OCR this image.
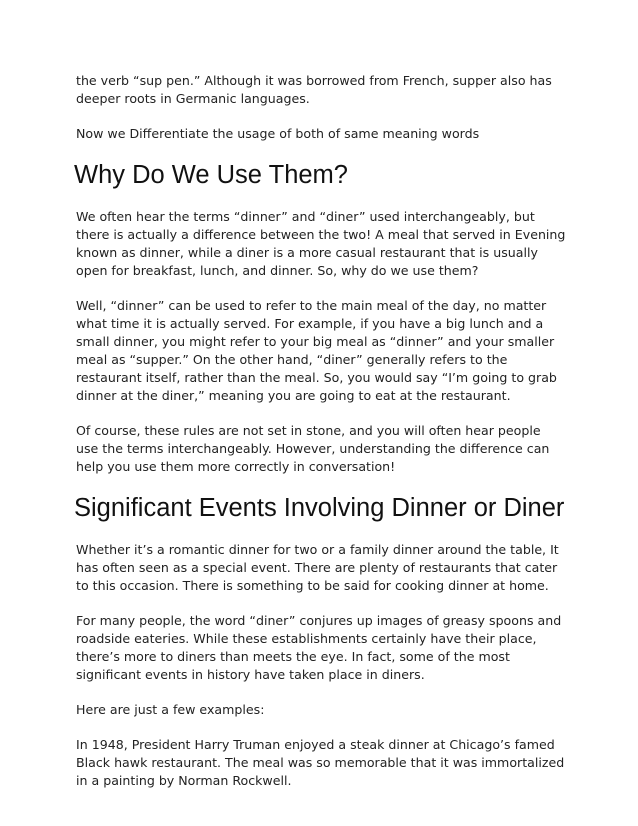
the verb “sup pen.” Although it was borrowed from French, supper also has deeper roots in Germanic languages.

Now we Differentiate the usage of both of same meaning words

Why Do We Use Them?

We often hear the terms “dinner” and “diner” used interchangeably, but there is actually a difference between the two! A meal that served in Evening known as dinner, while a diner is a more casual restaurant that is usually open for breakfast, lunch, and dinner. So, why do we use them?

Well, “dinner” can be used to refer to the main meal of the day, no matter what time it is actually served. For example, if you have a big lunch and a small dinner, you might refer to your big meal as “dinner” and your smaller meal as “supper.” On the other hand, “diner” generally refers to the restaurant itself, rather than the meal. So, you would say “I’m going to grab dinner at the diner,” meaning you are going to eat at the restaurant.

Of course, these rules are not set in stone, and you will often hear people use the terms interchangeably. However, understanding the difference can help you use them more correctly in conversation!

Significant Events Involving Dinner or Diner

Whether it’s a romantic dinner for two or a family dinner around the table, It has often seen as a special event. There are plenty of restaurants that cater to this occasion. There is something to be said for cooking dinner at home.

For many people, the word “diner” conjures up images of greasy spoons and roadside eateries. While these establishments certainly have their place, there’s more to diners than meets the eye. In fact, some of the most significant events in history have taken place in diners.

Here are just a few examples:

In 1948, President Harry Truman enjoyed a steak dinner at Chicago’s famed Black hawk restaurant. The meal was so memorable that it was immortalized in a painting by Norman Rockwell.
